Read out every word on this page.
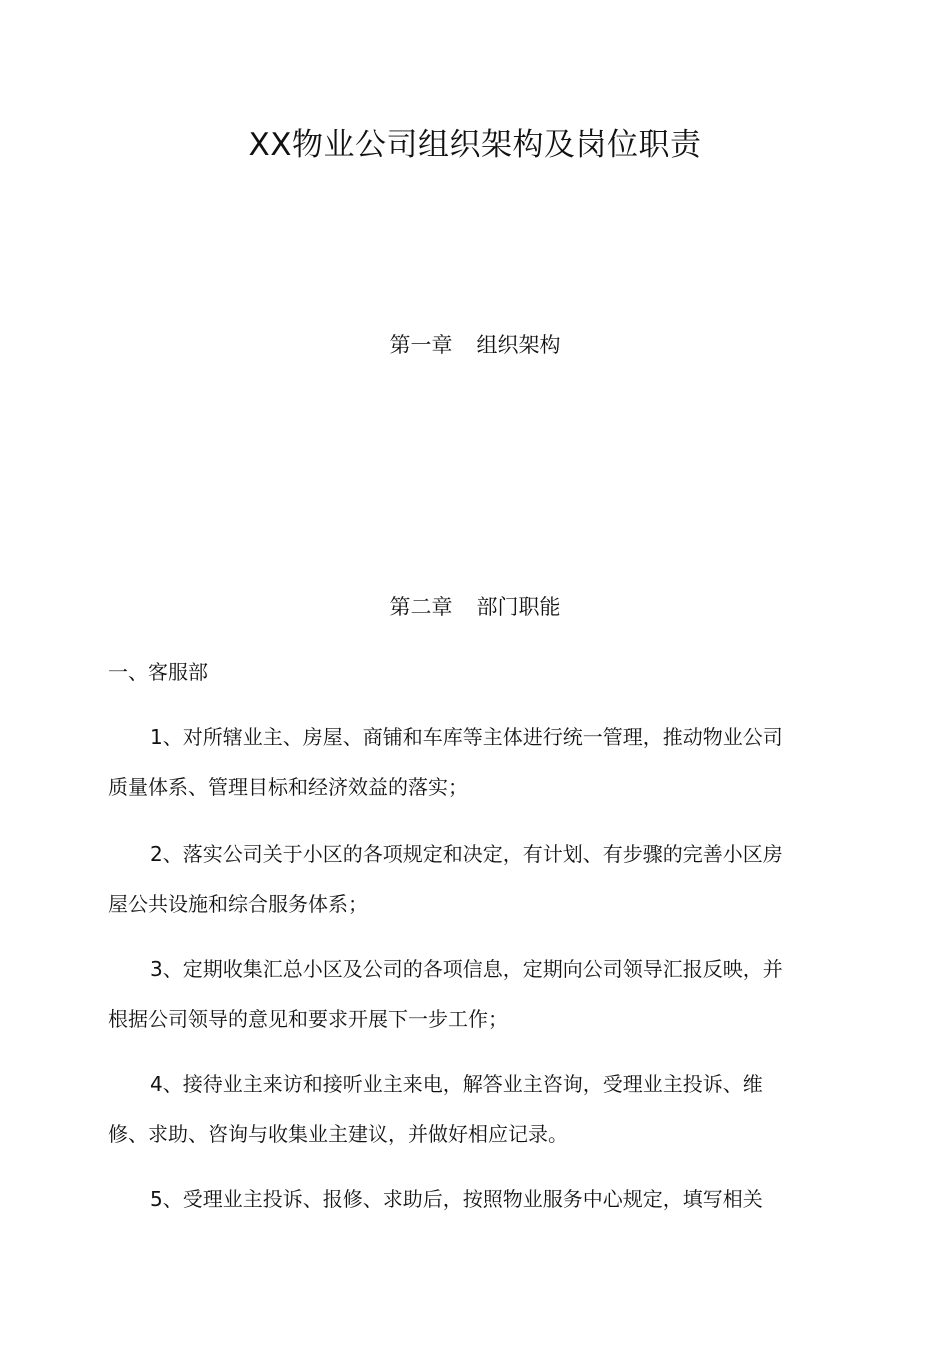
XX物业公司组织架构及岗位职责
第一章 组织架构
第二章 部门职能
一、客服部

1、对所辖业主、房屋、商铺和车库等主体进行统一管理，推动物业公司质量体系、管理目标和经济效益的落实；

2、落实公司关于小区的各项规定和决定，有计划、有步骤的完善小区房屋公共设施和综合服务体系；

3、定期收集汇总小区及公司的各项信息，定期向公司领导汇报反映，并根据公司领导的意见和要求开展下一步工作；

4、接待业主来访和接听业主来电，解答业主咨询，受理业主投诉、维修、求助、咨询与收集业主建议，并做好相应记录。

5、受理业主投诉、报修、求助后，按照物业服务中心规定，填写相关
